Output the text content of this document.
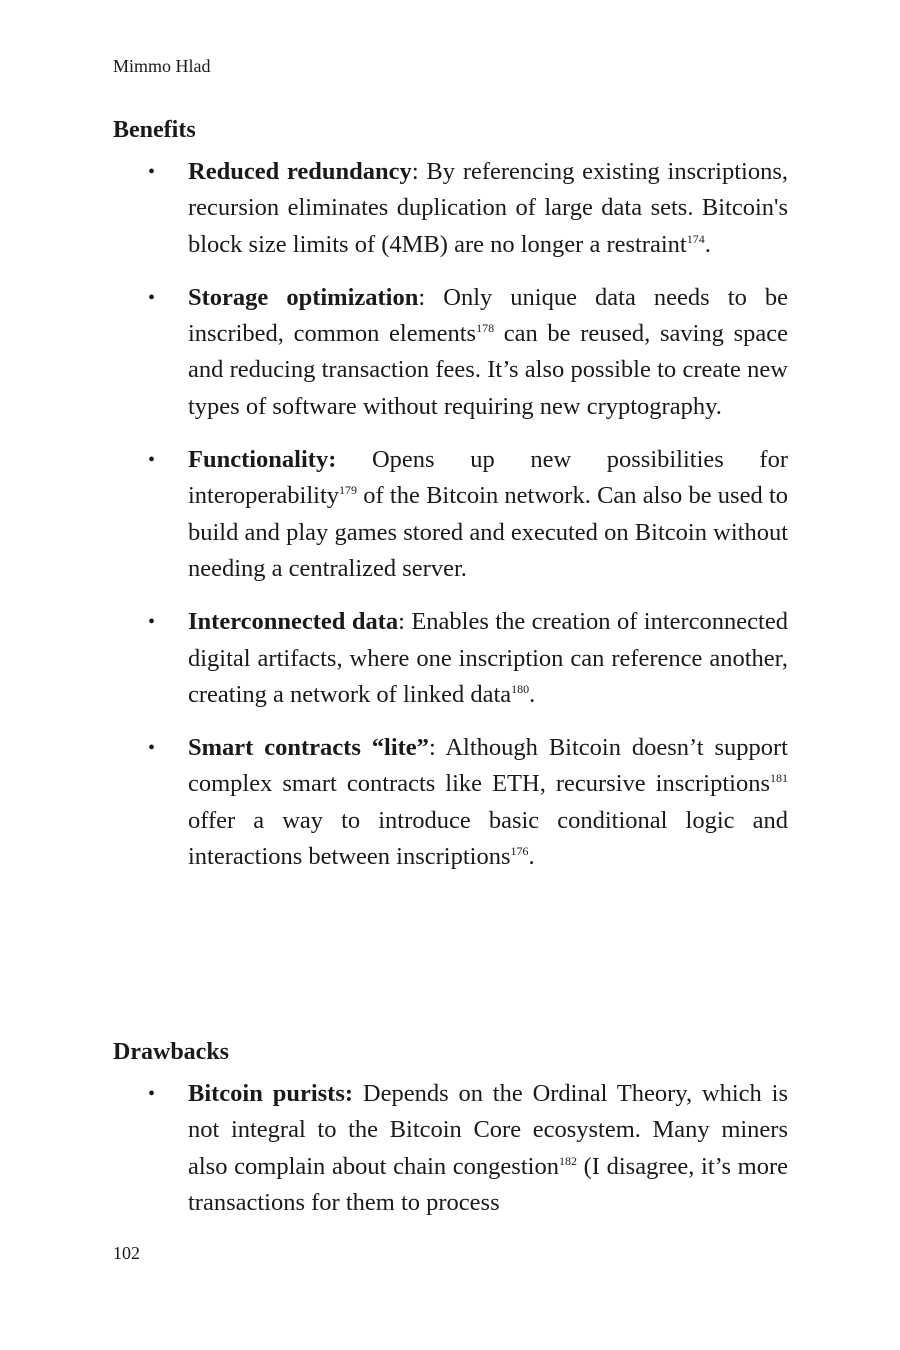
Mimmo Hlad
Benefits
• Reduced redundancy: By referencing existing inscriptions, recursion eliminates duplication of large data sets. Bitcoin's block size limits of (4MB) are no longer a restraint$^{174}$.
• Storage optimization: Only unique data needs to be inscribed, common elements$^{178}$ can be reused, saving space and reducing transaction fees. It’s also possible to create new types of software without requiring new cryptography.
• Functionality: Opens up new possibilities for interoperability$^{179}$ of the Bitcoin network. Can also be used to build and play games stored and executed on Bitcoin without needing a centralized server.
• Interconnected data: Enables the creation of interconnected digital artifacts, where one inscription can reference another, creating a network of linked data$^{180}$.
• Smart contracts “lite”: Although Bitcoin doesn’t support complex smart contracts like ETH, recursive inscriptions$^{181}$ offer a way to introduce basic conditional logic and interactions between inscriptions$^{176}$.
Drawbacks
• Bitcoin purists: Depends on the Ordinal Theory, which is not integral to the Bitcoin Core ecosystem. Many miners also complain about chain congestion$^{182}$ (I disagree, it’s more transactions for them to process
102
